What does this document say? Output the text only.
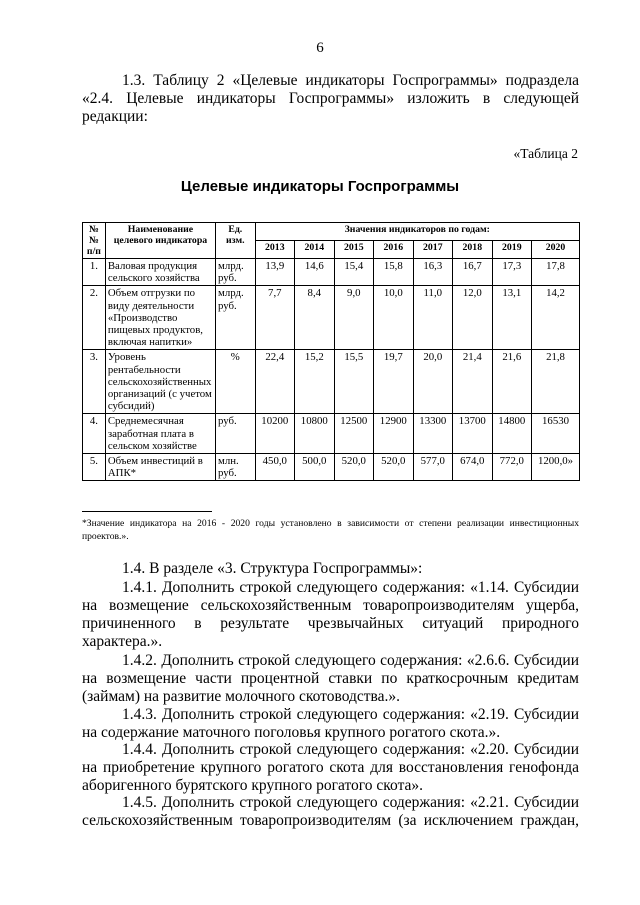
6
1.3. Таблицу 2 «Целевые индикаторы Госпрограммы» подраздела «2.4. Целевые индикаторы Госпрограммы» изложить в следующей редакции:
«Таблица 2
Целевые индикаторы Госпрограммы
№№ п/п	Наименование целевого индикатора	Ед. изм.	Значения индикаторов по годам:							
			2013	2014	2015	2016	2017	2018	2019	2020
1.	Валовая продукция сельского хозяйства	млрд. руб.	13,9	14,6	15,4	15,8	16,3	16,7	17,3	17,8
2.	Объем отгрузки по виду деятельности «Производство пищевых продуктов, включая напитки»	млрд. руб.	7,7	8,4	9,0	10,0	11,0	12,0	13,1	14,2
3.	Уровень рентабельности сельскохозяйственных организаций (с учетом субсидий)	%	22,4	15,2	15,5	19,7	20,0	21,4	21,6	21,8
4.	Среднемесячная заработная плата в сельском хозяйстве	руб.	10200	10800	12500	12900	13300	13700	14800	16530
5.	Объем инвестиций в АПК*	млн. руб.	450,0	500,0	520,0	520,0	577,0	674,0	772,0	1200,0»
*Значение индикатора на 2016 - 2020 годы установлено в зависимости от степени реализации инвестиционных проектов.».
1.4. В разделе «3. Структура Госпрограммы»:
1.4.1. Дополнить строкой следующего содержания: «1.14. Субсидии на возмещение сельскохозяйственным товаропроизводителям ущерба, причиненного в результате чрезвычайных ситуаций природного характера.».
1.4.2. Дополнить строкой следующего содержания: «2.6.6. Субсидии на возмещение части процентной ставки по краткосрочным кредитам (займам) на развитие молочного скотоводства.».
1.4.3. Дополнить строкой следующего содержания: «2.19. Субсидии на содержание маточного поголовья крупного рогатого скота.».
1.4.4. Дополнить строкой следующего содержания: «2.20. Субсидии на приобретение крупного рогатого скота для восстановления генофонда аборигенного бурятского крупного рогатого скота».
1.4.5. Дополнить строкой следующего содержания: «2.21. Субсидии сельскохозяйственным товаропроизводителям (за исключением граждан,
